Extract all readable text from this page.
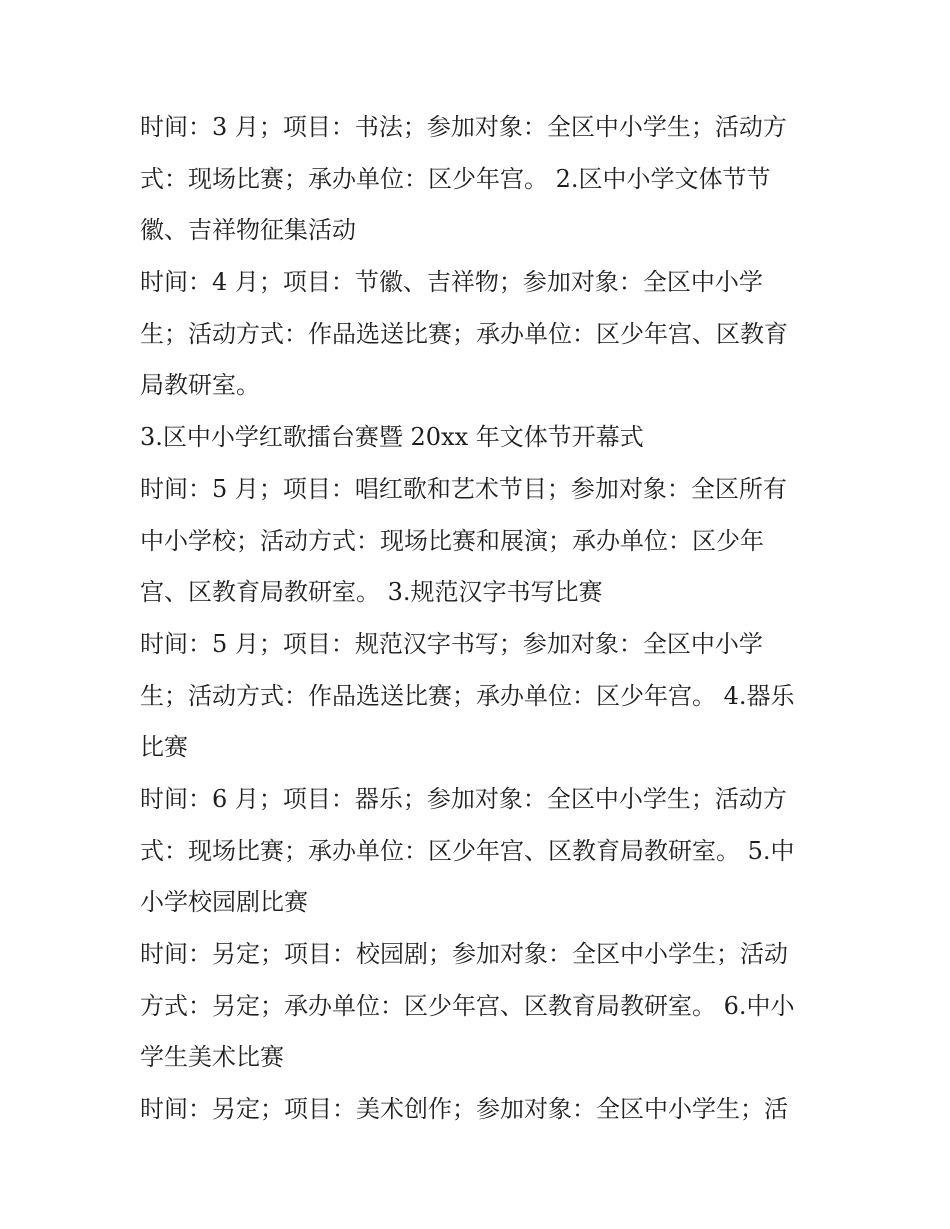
时间：3 月；项目：书法；参加对象：全区中小学生；活动方
式：现场比赛；承办单位：区少年宫。 2.区中小学文体节节
徽、吉祥物征集活动
时间：4 月；项目：节徽、吉祥物；参加对象：全区中小学
生；活动方式：作品选送比赛；承办单位：区少年宫、区教育
局教研室。
3.区中小学红歌擂台赛暨 20xx 年文体节开幕式
时间：5 月；项目：唱红歌和艺术节目；参加对象：全区所有
中小学校；活动方式：现场比赛和展演；承办单位：区少年
宫、区教育局教研室。 3.规范汉字书写比赛
时间：5 月；项目：规范汉字书写；参加对象：全区中小学
生；活动方式：作品选送比赛；承办单位：区少年宫。 4.器乐
比赛
时间：6 月；项目：器乐；参加对象：全区中小学生；活动方
式：现场比赛；承办单位：区少年宫、区教育局教研室。 5.中
小学校园剧比赛
时间：另定；项目：校园剧；参加对象：全区中小学生；活动
方式：另定；承办单位：区少年宫、区教育局教研室。 6.中小
学生美术比赛
时间：另定；项目：美术创作；参加对象：全区中小学生；活
